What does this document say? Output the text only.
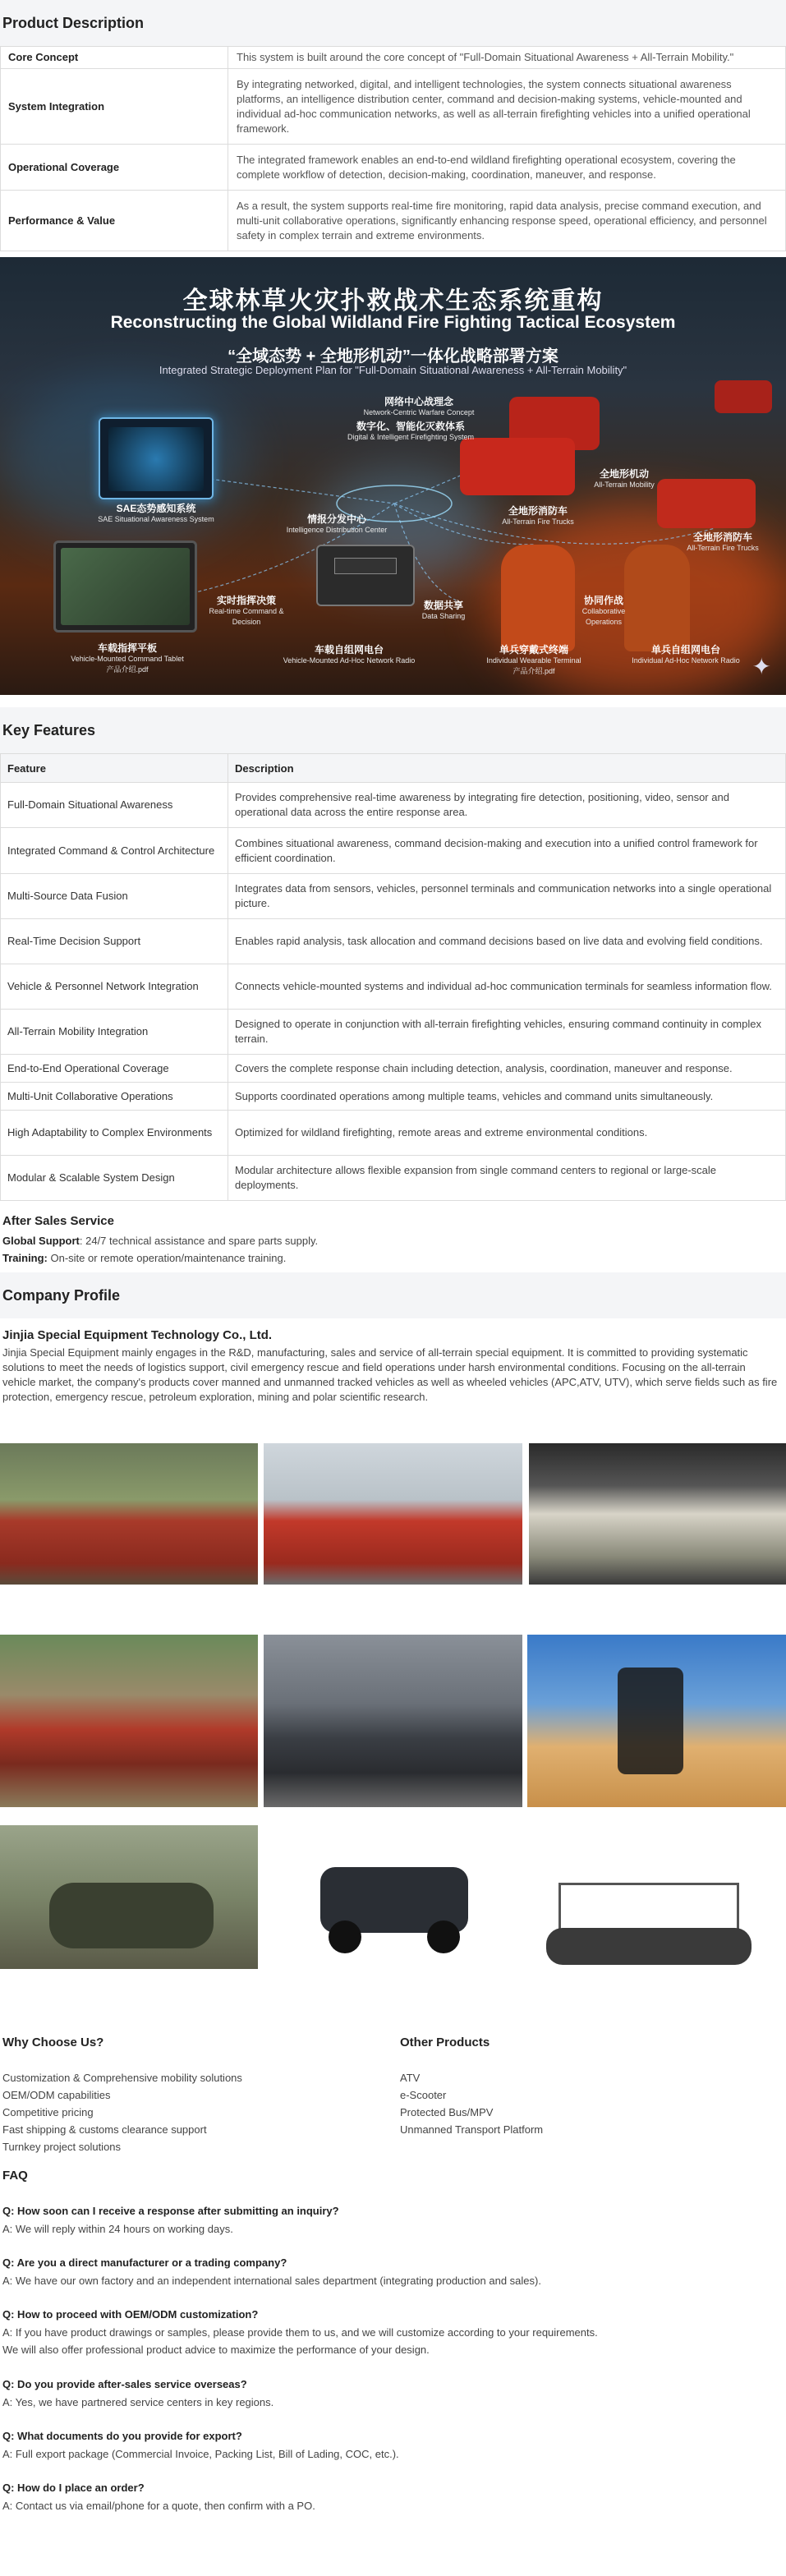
Product Description
Core Concept	This system is built around the core concept of "Full-Domain Situational Awareness + All-Terrain Mobility."
System Integration	By integrating networked, digital, and intelligent technologies, the system connects situational awareness platforms, an intelligence distribution center, command and decision-making systems, vehicle-mounted and individual ad-hoc communication networks, as well as all-terrain firefighting vehicles into a unified operational framework.
Operational Coverage	The integrated framework enables an end-to-end wildland firefighting operational ecosystem, covering the complete workflow of detection, decision-making, coordination, maneuver, and response.
Performance & Value	As a result, the system supports real-time fire monitoring, rapid data analysis, precise command execution, and multi-unit collaborative operations, significantly enhancing response speed, operational efficiency, and personnel safety in complex terrain and extreme environments.
全球林草火灾扑救战术生态系统重构
Reconstructing the Global Wildland Fire Fighting Tactical Ecosystem
“全域态势 + 全地形机动”一体化战略部署方案
Integrated Strategic Deployment Plan for "Full-Domain Situational Awareness + All-Terrain Mobility"
✦
SAE态势感知系统
SAE Situational Awareness System
网络中心战理念
Network-Centric Warfare Concept
数字化、智能化灭救体系
Digital & Intelligent Firefighting System
情报分发中心
Intelligence Distribution Center
全地形消防车
All-Terrain Fire Trucks
全地形机动
All-Terrain Mobility
全地形消防车
All-Terrain Fire Trucks
实时指挥决策
Real-time Command & Decision
数据共享
Data Sharing
协同作战
Collaborative Operations
车载指挥平板
Vehicle-Mounted Command Tablet
产品介绍.pdf
车载自组网电台
Vehicle-Mounted Ad-Hoc Network Radio
单兵穿戴式终端
Individual Wearable Terminal
产品介绍.pdf
单兵自组网电台
Individual Ad-Hoc Network Radio
Key Features
Feature	Description
Full-Domain Situational Awareness	Provides comprehensive real-time awareness by integrating fire detection, positioning, video, sensor and operational data across the entire response area.
Integrated Command & Control Architecture	Combines situational awareness, command decision-making and execution into a unified control framework for efficient coordination.
Multi-Source Data Fusion	Integrates data from sensors, vehicles, personnel terminals and communication networks into a single operational picture.
Real-Time Decision Support	Enables rapid analysis, task allocation and command decisions based on live data and evolving field conditions.
Vehicle & Personnel Network Integration	Connects vehicle-mounted systems and individual ad-hoc communication terminals for seamless information flow.
All-Terrain Mobility Integration	Designed to operate in conjunction with all-terrain firefighting vehicles, ensuring command continuity in complex terrain.
End-to-End Operational Coverage	Covers the complete response chain including detection, analysis, coordination, maneuver and response.
Multi-Unit Collaborative Operations	Supports coordinated operations among multiple teams, vehicles and command units simultaneously.
High Adaptability to Complex Environments	Optimized for wildland firefighting, remote areas and extreme environmental conditions.
Modular & Scalable System Design	Modular architecture allows flexible expansion from single command centers to regional or large-scale deployments.
After Sales Service
Global Support: 24/7 technical assistance and spare parts supply.
Training: On-site or remote operation/maintenance training.
Company Profile
Jinjia Special Equipment Technology Co., Ltd.
Jinjia Special Equipment mainly engages in the R&D, manufacturing, sales and service of all-terrain special equipment. It is committed to providing systematic solutions to meet the needs of logistics support, civil emergency rescue and field operations under harsh environmental conditions. Focusing on the all-terrain vehicle market, the company's products cover manned and unmanned tracked vehicles as well as wheeled vehicles (APC,ATV, UTV), which serve fields such as fire protection, emergency rescue, petroleum exploration, mining and polar scientific research.
Why Choose Us?
Customization & Comprehensive mobility solutions
OEM/ODM capabilities
Competitive pricing
Fast shipping & customs clearance support
Turnkey project solutions
Other Products
ATV
e-Scooter
Protected Bus/MPV
Unmanned Transport Platform
FAQ
Q: How soon can I receive a response after submitting an inquiry?
A: We will reply within 24 hours on working days.
Q: Are you a direct manufacturer or a trading company?
A: We have our own factory and an independent international sales department (integrating production and sales).
Q: How to proceed with OEM/ODM customization?
A: If you have product drawings or samples, please provide them to us, and we will customize according to your requirements.
We will also offer professional product advice to maximize the performance of your design.
Q: Do you provide after-sales service overseas?
A: Yes, we have partnered service centers in key regions.
Q: What documents do you provide for export?
A: Full export package (Commercial Invoice, Packing List, Bill of Lading, COC, etc.).
Q: How do I place an order?
A: Contact us via email/phone for a quote, then confirm with a PO.
